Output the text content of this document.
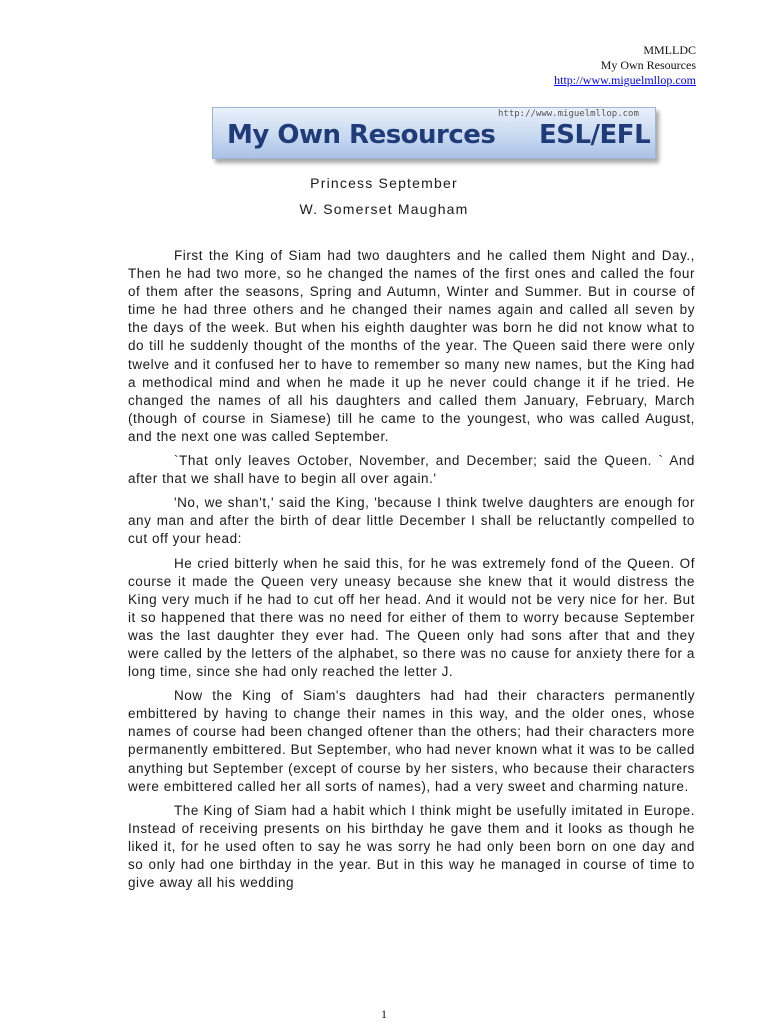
MMLLDC
My Own Resources
http://www.miguelmllop.com
http://www.miguelmllop.com
My Own Resources ESL/EFL
Princess September
W. Somerset Maugham

First the King of Siam had two daughters and he called them Night and Day., Then he had two more, so he changed the names of the first ones and called the four of them after the seasons, Spring and Autumn, Winter and Summer. But in course of time he had three others and he changed their names again and called all seven by the days of the week. But when his eighth daughter was born he did not know what to do till he suddenly thought of the months of the year. The Queen said there were only twelve and it confused her to have to remember so many new names, but the King had a methodical mind and when he made it up he never could change it if he tried. He changed the names of all his daughters and called them January, February, March (though of course in Siamese) till he came to the youngest, who was called August, and the next one was called September.

`That only leaves October, November, and December; said the Queen. ` And after that we shall have to begin all over again.'

'No, we shan't,' said the King, 'because I think twelve daughters are enough for any man and after the birth of dear little December I shall be reluctantly compelled to cut off your head:

He cried bitterly when he said this, for he was extremely fond of the Queen. Of course it made the Queen very uneasy because she knew that it would distress the King very much if he had to cut off her head. And it would not be very nice for her. But it so happened that there was no need for either of them to worry because September was the last daughter they ever had. The Queen only had sons after that and they were called by the letters of the alphabet, so there was no cause for anxiety there for a long time, since she had only reached the letter J.

Now the King of Siam's daughters had had their characters permanently embittered by having to change their names in this way, and the older ones, whose names of course had been changed oftener than the others; had their characters more permanently embittered. But September, who had never known what it was to be called anything but September (except of course by her sisters, who because their characters were embittered called her all sorts of names), had a very sweet and charming nature.

The King of Siam had a habit which I think might be usefully imitated in Europe. Instead of receiving presents on his birthday he gave them and it looks as though he liked it, for he used often to say he was sorry he had only been born on one day and so only had one birthday in the year. But in this way he managed in course of time to give away all his wedding

1
